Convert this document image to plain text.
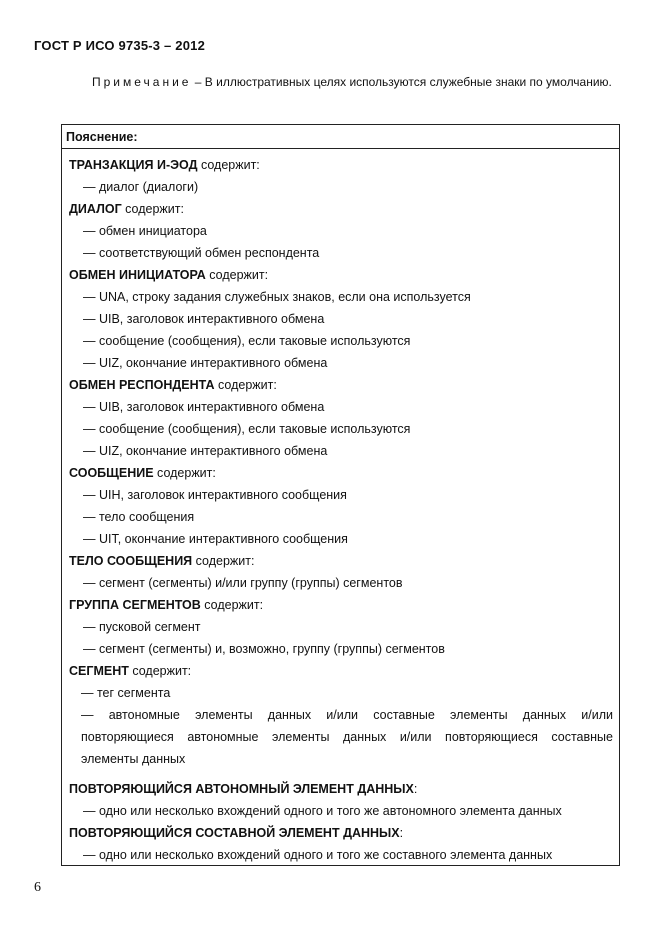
ГОСТ Р ИСО 9735-3 – 2012
Примечание – В иллюстративных целях используются служебные знаки по умолчанию.
Пояснение:
ТРАНЗАКЦИЯ И-ЭОД содержит:
— диалог (диалоги)
ДИАЛОГ содержит:
— обмен инициатора
— соответствующий обмен респондента
ОБМЕН ИНИЦИАТОРА содержит:
— UNA, строку задания служебных знаков, если она используется
— UIB, заголовок интерактивного обмена
— сообщение (сообщения), если таковые используются
— UIZ, окончание интерактивного обмена
ОБМЕН РЕСПОНДЕНТА содержит:
— UIB, заголовок интерактивного обмена
— сообщение (сообщения), если таковые используются
— UIZ, окончание интерактивного обмена
СООБЩЕНИЕ содержит:
— UIH, заголовок интерактивного сообщения
— тело сообщения
— UIT, окончание интерактивного сообщения
ТЕЛО СООБЩЕНИЯ содержит:
— сегмент (сегменты) и/или группу (группы) сегментов
ГРУППА СЕГМЕНТОВ содержит:
— пусковой сегмент
— сегмент (сегменты) и, возможно, группу (группы) сегментов
СЕГМЕНТ содержит:
— тег сегмента
— автономные элементы данных и/или составные элементы данных и/или повторяющиеся автономные элементы данных и/или повторяющиеся составные элементы данных
ПОВТОРЯЮЩИЙСЯ АВТОНОМНЫЙ ЭЛЕМЕНТ ДАННЫХ:
— одно или несколько вхождений одного и того же автономного элемента данных
ПОВТОРЯЮЩИЙСЯ СОСТАВНОЙ ЭЛЕМЕНТ ДАННЫХ:
— одно или несколько вхождений одного и того же составного элемента данных
6
